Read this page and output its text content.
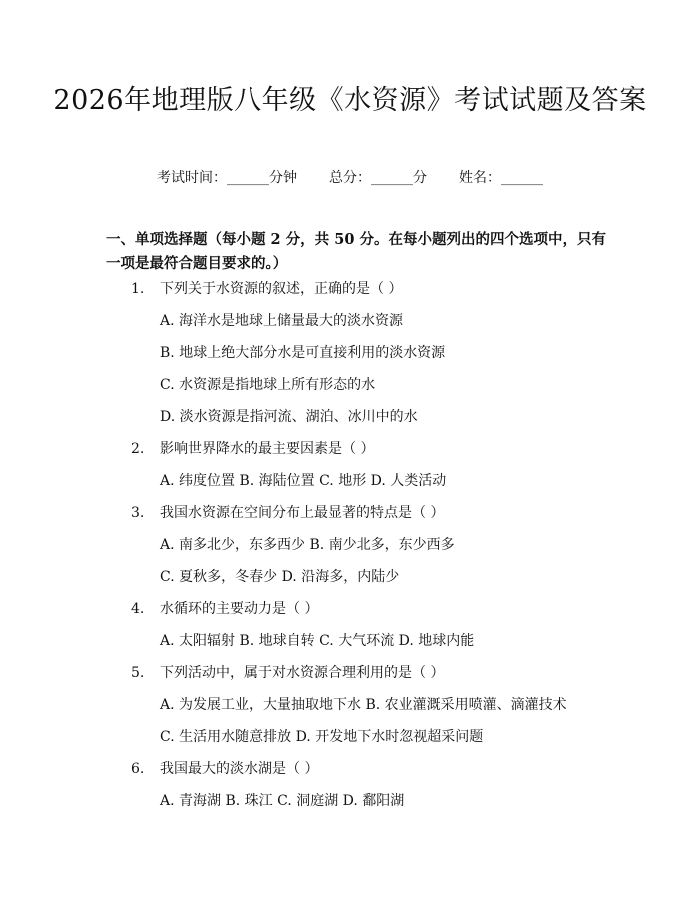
2026年地理版八年级《水资源》考试试题及答案
考试时间：______分钟 总分：______分 姓名：______

一、单项选择题（每小题 2 分，共 50 分。在每小题列出的四个选项中，只有一项是最符合题目要求的。）

1. 下列关于水资源的叙述，正确的是（ ）
A. 海洋水是地球上储量最大的淡水资源
B. 地球上绝大部分水是可直接利用的淡水资源
C. 水资源是指地球上所有形态的水
D. 淡水资源是指河流、湖泊、冰川中的水
2. 影响世界降水的最主要因素是（ ）
A. 纬度位置 B. 海陆位置 C. 地形 D. 人类活动
3. 我国水资源在空间分布上最显著的特点是（ ）
A. 南多北少，东多西少 B. 南少北多，东少西多
C. 夏秋多，冬春少 D. 沿海多，内陆少
4. 水循环的主要动力是（ ）
A. 太阳辐射 B. 地球自转 C. 大气环流 D. 地球内能
5. 下列活动中，属于对水资源合理利用的是（ ）
A. 为发展工业，大量抽取地下水 B. 农业灌溉采用喷灌、滴灌技术
C. 生活用水随意排放 D. 开发地下水时忽视超采问题
6. 我国最大的淡水湖是（ ）
A. 青海湖 B. 珠江 C. 洞庭湖 D. 鄱阳湖
